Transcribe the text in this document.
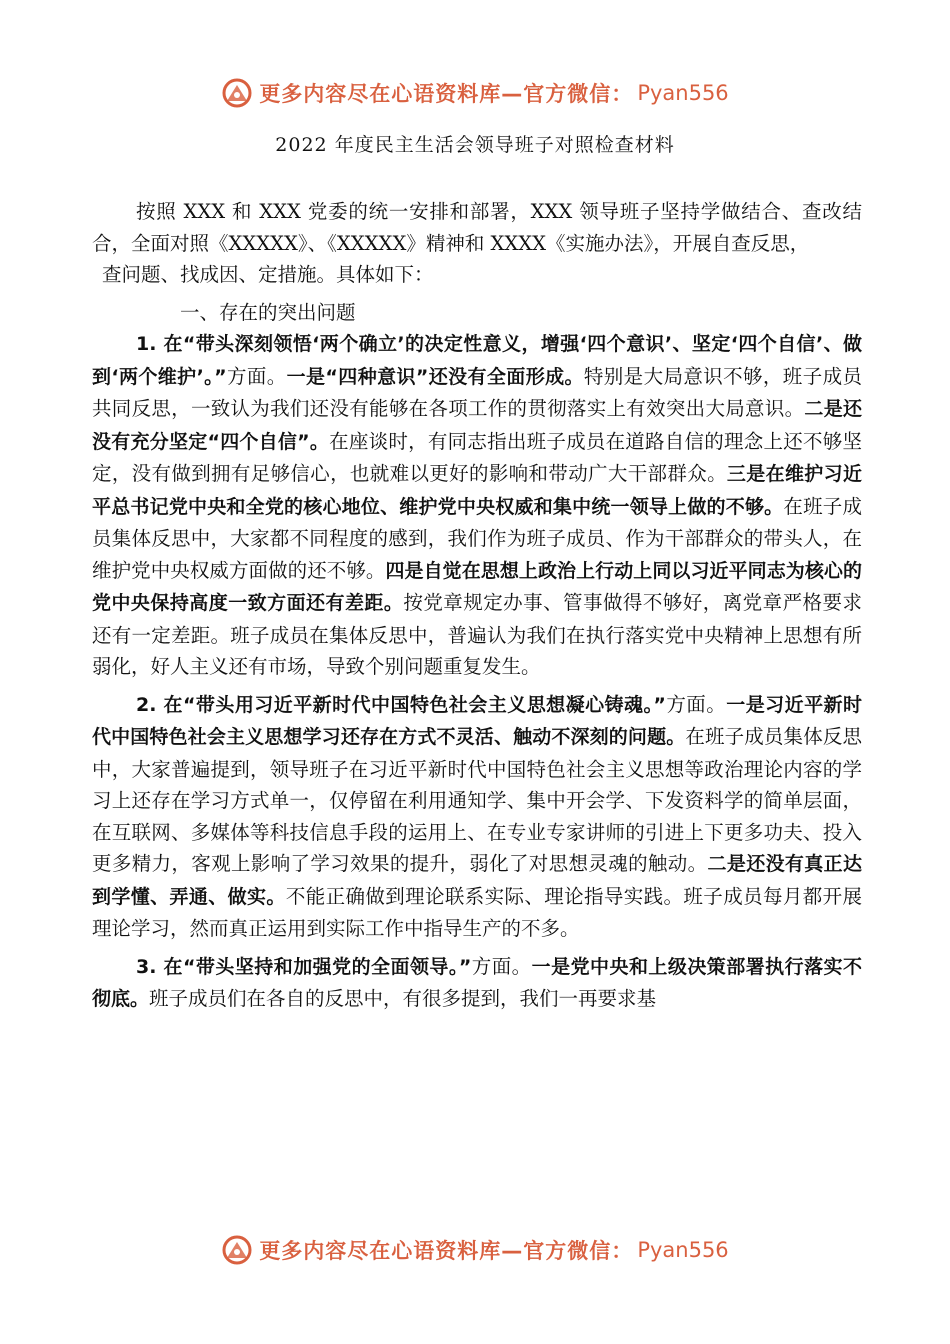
更多内容尽在心语资料库—官方微信： Pyan556
2022 年度民主生活会领导班子对照检查材料

按照 XXX 和 XXX 党委的统一安排和部署，XXX 领导班子坚持学做结合、查改结合，全面对照《XXXXX》、《XXXXX》精神和 XXXX《实施办法》，开展自查反思，

查问题、找成因、定措施。具体如下：

一、存在的突出问题

1. 在“带头深刻领悟‘两个确立’的决定性意义，增强‘四个意识’、坚定‘四个自信’、做到‘两个维护’。”方面。一是“四种意识”还没有全面形成。特别是大局意识不够，班子成员共同反思，一致认为我们还没有能够在各项工作的贯彻落实上有效突出大局意识。二是还没有充分坚定“四个自信”。在座谈时，有同志指出班子成员在道路自信的理念上还不够坚定，没有做到拥有足够信心，也就难以更好的影响和带动广大干部群众。三是在维护习近平总书记党中央和全党的核心地位、维护党中央权威和集中统一领导上做的不够。在班子成员集体反思中，大家都不同程度的感到，我们作为班子成员、作为干部群众的带头人，在维护党中央权威方面做的还不够。四是自觉在思想上政治上行动上同以习近平同志为核心的党中央保持高度一致方面还有差距。按党章规定办事、管事做得不够好，离党章严格要求还有一定差距。班子成员在集体反思中，普遍认为我们在执行落实党中央精神上思想有所弱化，好人主义还有市场，导致个别问题重复发生。

2. 在“带头用习近平新时代中国特色社会主义思想凝心铸魂。”方面。一是习近平新时代中国特色社会主义思想学习还存在方式不灵活、触动不深刻的问题。在班子成员集体反思中，大家普遍提到，领导班子在习近平新时代中国特色社会主义思想等政治理论内容的学习上还存在学习方式单一，仅停留在利用通知学、集中开会学、下发资料学的简单层面，在互联网、多媒体等科技信息手段的运用上、在专业专家讲师的引进上下更多功夫、投入更多精力，客观上影响了学习效果的提升，弱化了对思想灵魂的触动。二是还没有真正达到学懂、弄通、做实。不能正确做到理论联系实际、理论指导实践。班子成员每月都开展理论学习，然而真正运用到实际工作中指导生产的不多。

3. 在“带头坚持和加强党的全面领导。”方面。一是党中央和上级决策部署执行落实不彻底。班子成员们在各自的反思中，有很多提到，我们一再要求基

更多内容尽在心语资料库—官方微信： Pyan556
